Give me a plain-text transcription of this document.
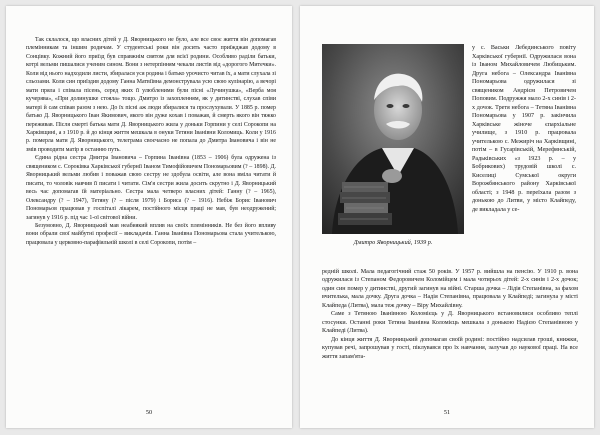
Так склалося, що власних дітей у Д. Яворницького не було, але все своє життя він допомагав племінникам та іншим родичам. У студентські роки він досить часто приїжджав додому в Сонцівку. Кожний його приїзд був справжнім святом для всієї родини. Особливо раділи батьки, котрі вельми пишалися ученим сином. Вони з нетерпінням чекали листів від «дорогого Митечки». Коли від нього надходили листи, збиралася уся родина і батько урочисто читав їх, а мати слухала зі сльозами. Коли син приїздив додому Ганна Матвіївна демонструвала усю свою кулінарію, а вечорі мати пряла і співала пісень, серед яких її улюбленими були пісні «Лучинушка», «Верба моя кучерява», «При долинушке стояла» тощо. Дмитро із захопленням, як у дитинстві, слухав співи матері й сам співав разом з нею. До їх пісні аж люди збиралися та прослухували. У 1885 р. помер батько Д. Яворницького Іван Якимович, якого він дуже кохав і поважав, й смерть якого він тяжко переживав. Після смерті батька мати Д. Яворницького жила у доньки Горпини у селі Сорокопи на Харківщині, а з 1910 р. й до кінця життя мешкала в онуки Тетяни Іванівни Коломиць. Коли у 1916 р. померла мати Д. Яворницького, телеграма своєчасно не попала до Дмитра Івановича і він не змів проводити матір в останню путь.

Єдина рідна сестра Дмитра Івановича – Горпина Іванівна (1853 – 1906) була одружена із священиком с. Сороківка Харківської губернії Іваном Тимофійовичем Пономарьовим (? – 1898). Д. Яворницький вельми любив і поважав свою сестру не здобула освіти, але вона вміла читати й писати, то чоловік навчив її писати і читати. Сім'я сестри жила досить скрутно і Д. Яворницький весь час допомагав їй матеріально. Сестра мала четверо власних дітей: Ганну (? – 1965), Олександру (? – 1947), Тетяну (? – після 1979) і Бориса (? – 1916). Небіж Борис Іванович Пономарьов працював у госпіталі лікарем, постійного місця праці не мав, був неодружений; загинув у 1916 р. під час 1-ої світової війни.

Безумовно, Д. Яворницький мав неабиякий вплив на своїх племінників. Не без його впливу вони обрали свої майбутні професії – викладачів. Ганна Іванівна Пономарьова стала учителькою, працювала у церковно-парафіяльній школі в селі Сорокопи, потім –

50
Дмитро Яворницький, 1939 р.

у с. Васьки Лебединського повіту Харківської губернії. Одружилася вона із Іваном Михайловичем Любицьким. Друга небога – Олександра Іванівна Пономарьова одружилася зі священиком Андрієм Петровичем Поповим. Подружжя мало 2-х синів і 2-х дочок. Третя небога – Тетяна Іванівна Пономарьова у 1907 р. закінчила Харківське жіноче єпархіальне училище, з 1910 р. працювала учителькою с. Межиріч на Харківщині, потім – в Гусарівській, Мерефянській, Радьківських «з 1923 р. – у Бобрикових) трудовій школі с. Киселиці Сумської округи Ворожбянського району Харківської області; з 1948 р. переїхала разом з донькою до Литви, у місто Клайпеду, де викладала у се-

редній школі. Мала педагогічний стаж 50 років. У 1957 р. вийшла на пенсію. У 1910 р. вона одружилася із Степаном Федоровичем Коломійцем і мала чотирьох дітей: 2-х синів і 2-х дочок; один син помер у дитинстві, другий загинув на війні. Старша дочка – Лідія Степанівна, за фахом вчителька, мала дочку. Друга дочка – Надія Степанівна, працювала у Клайпеді; загинула у місті Клайпеда (Литва), мала теж дочку – Віру Михайлівну.

Саме з Тетяною Іванівною Коломієць у Д. Яворницького встановилися особливо теплі стосунки. Останні роки Тетяна Іванівна Коломієць мешкала з донькою Надією Степанівною у Клайпеді (Литва).

До кінця життя Д. Яворницький допомагав своїй родині: постійно надсилав гроші, книжки, купував речі, запрошував у гості, піклувався про їх навчання, залучав до наукової праці. На все життя запам'ята-

51
